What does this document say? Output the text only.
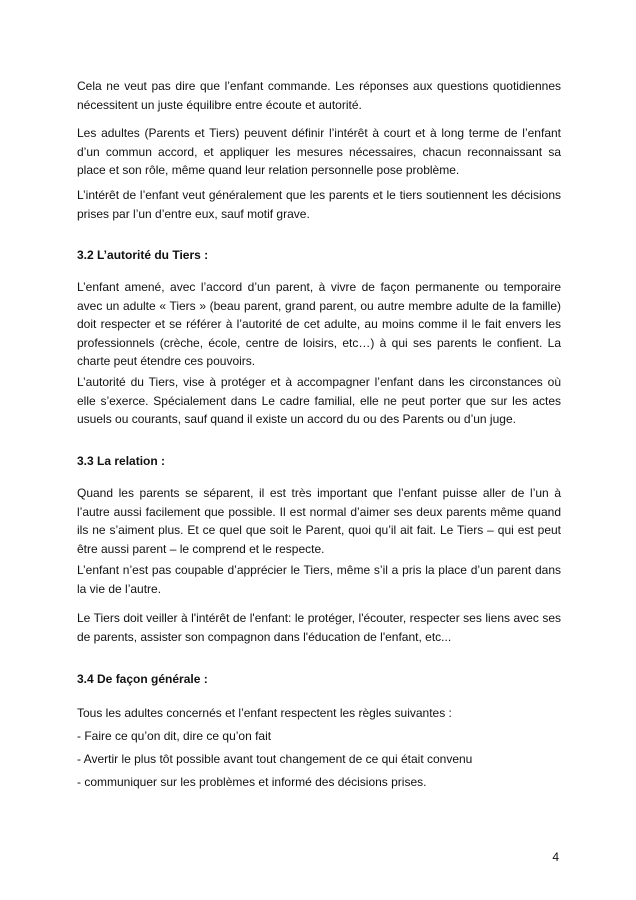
Cela ne veut pas dire que l’enfant commande. Les réponses aux questions quotidiennes nécessitent un juste équilibre entre écoute et autorité.

Les adultes (Parents et Tiers) peuvent définir l’intérêt à court et à long terme de l’enfant d’un commun accord, et appliquer les mesures nécessaires, chacun reconnaissant sa place et son rôle, même quand leur relation personnelle pose problème.

L’intérêt de l’enfant veut généralement que les parents et le tiers soutiennent les décisions prises par l’un d’entre eux, sauf motif grave.

3.2 L’autorité du Tiers :

L’enfant amené, avec l’accord d’un parent, à vivre de façon permanente ou temporaire avec un adulte « Tiers » (beau parent, grand parent, ou autre membre adulte de la famille) doit respecter et se référer à l’autorité de cet adulte, au moins comme il le fait envers les professionnels (crèche, école, centre de loisirs, etc…) à qui ses parents le confient. La charte peut étendre ces pouvoirs.

L’autorité du Tiers, vise à protéger et à accompagner l’enfant dans les circonstances où elle s’exerce. Spécialement dans Le cadre familial, elle ne peut porter que sur les actes usuels ou courants, sauf quand il existe un accord du ou des Parents ou d’un juge.

3.3 La relation :

Quand les parents se séparent, il est très important que l’enfant puisse aller de l’un à l’autre aussi facilement que possible. Il est normal d’aimer ses deux parents même quand ils ne s’aiment plus. Et ce quel que soit le Parent, quoi qu’il ait fait. Le Tiers – qui est peut être aussi parent – le comprend et le respecte.

L’enfant n’est pas coupable d’apprécier le Tiers, même s’il a pris la place d’un parent dans la vie de l’autre.

Le Tiers doit veiller à l'intérêt de l'enfant: le protéger, l'écouter, respecter ses liens avec ses de parents, assister son compagnon dans l'éducation de l'enfant, etc...

3.4 De façon générale :
Tous les adultes concernés et l’enfant respectent les règles suivantes :
- Faire ce qu’on dit, dire ce qu’on fait
- Avertir le plus tôt possible avant tout changement de ce qui était convenu
- communiquer sur les problèmes et informé des décisions prises.
4
